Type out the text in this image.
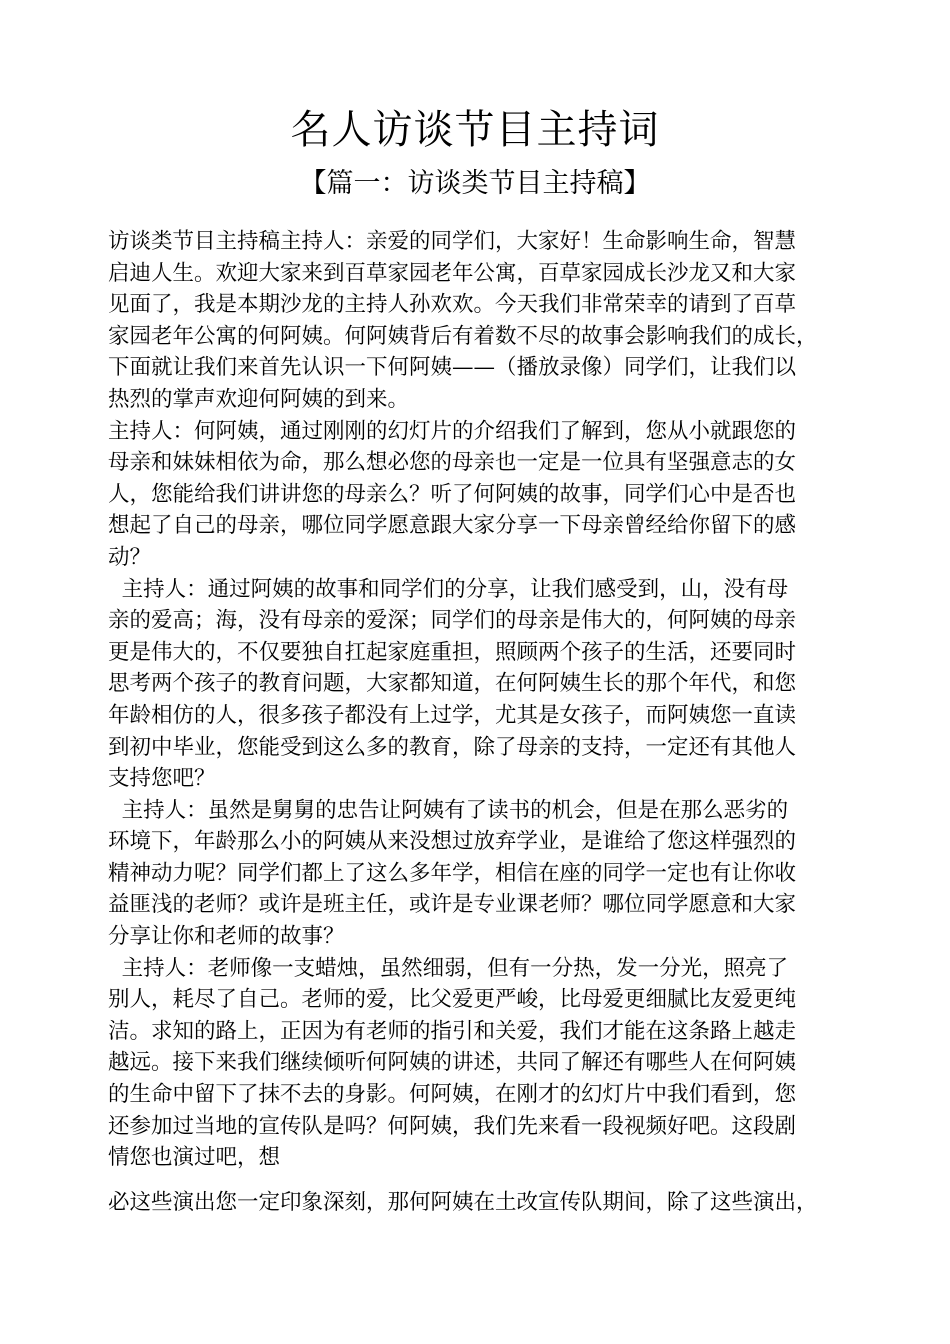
名人访谈节目主持词
【篇一：访谈类节目主持稿】
访谈类节目主持稿主持人：亲爱的同学们，大家好！生命影响生命，智慧
启迪人生。欢迎大家来到百草家园老年公寓，百草家园成长沙龙又和大家
见面了，我是本期沙龙的主持人孙欢欢。今天我们非常荣幸的请到了百草
家园老年公寓的何阿姨。何阿姨背后有着数不尽的故事会影响我们的成长，
下面就让我们来首先认识一下何阿姨——（播放录像）同学们，让我们以
热烈的掌声欢迎何阿姨的到来。
主持人：何阿姨，通过刚刚的幻灯片的介绍我们了解到，您从小就跟您的
母亲和妹妹相依为命，那么想必您的母亲也一定是一位具有坚强意志的女
人，您能给我们讲讲您的母亲么？听了何阿姨的故事，同学们心中是否也
想起了自己的母亲，哪位同学愿意跟大家分享一下母亲曾经给你留下的感
动？
主持人：通过阿姨的故事和同学们的分享，让我们感受到，山，没有母
亲的爱高；海，没有母亲的爱深；同学们的母亲是伟大的，何阿姨的母亲
更是伟大的，不仅要独自扛起家庭重担，照顾两个孩子的生活，还要同时
思考两个孩子的教育问题，大家都知道，在何阿姨生长的那个年代，和您
年龄相仿的人，很多孩子都没有上过学，尤其是女孩子，而阿姨您一直读
到初中毕业，您能受到这么多的教育，除了母亲的支持，一定还有其他人
支持您吧？
主持人：虽然是舅舅的忠告让阿姨有了读书的机会，但是在那么恶劣的
环境下，年龄那么小的阿姨从来没想过放弃学业，是谁给了您这样强烈的
精神动力呢？同学们都上了这么多年学，相信在座的同学一定也有让你收
益匪浅的老师？或许是班主任，或许是专业课老师？哪位同学愿意和大家
分享让你和老师的故事？
主持人：老师像一支蜡烛，虽然细弱，但有一分热，发一分光，照亮了
别人，耗尽了自己。老师的爱，比父爱更严峻，比母爱更细腻比友爱更纯
洁。求知的路上，正因为有老师的指引和关爱，我们才能在这条路上越走
越远。接下来我们继续倾听何阿姨的讲述，共同了解还有哪些人在何阿姨
的生命中留下了抹不去的身影。何阿姨，在刚才的幻灯片中我们看到，您
还参加过当地的宣传队是吗？何阿姨，我们先来看一段视频好吧。这段剧
情您也演过吧，想
必这些演出您一定印象深刻，那何阿姨在土改宣传队期间，除了这些演出，
